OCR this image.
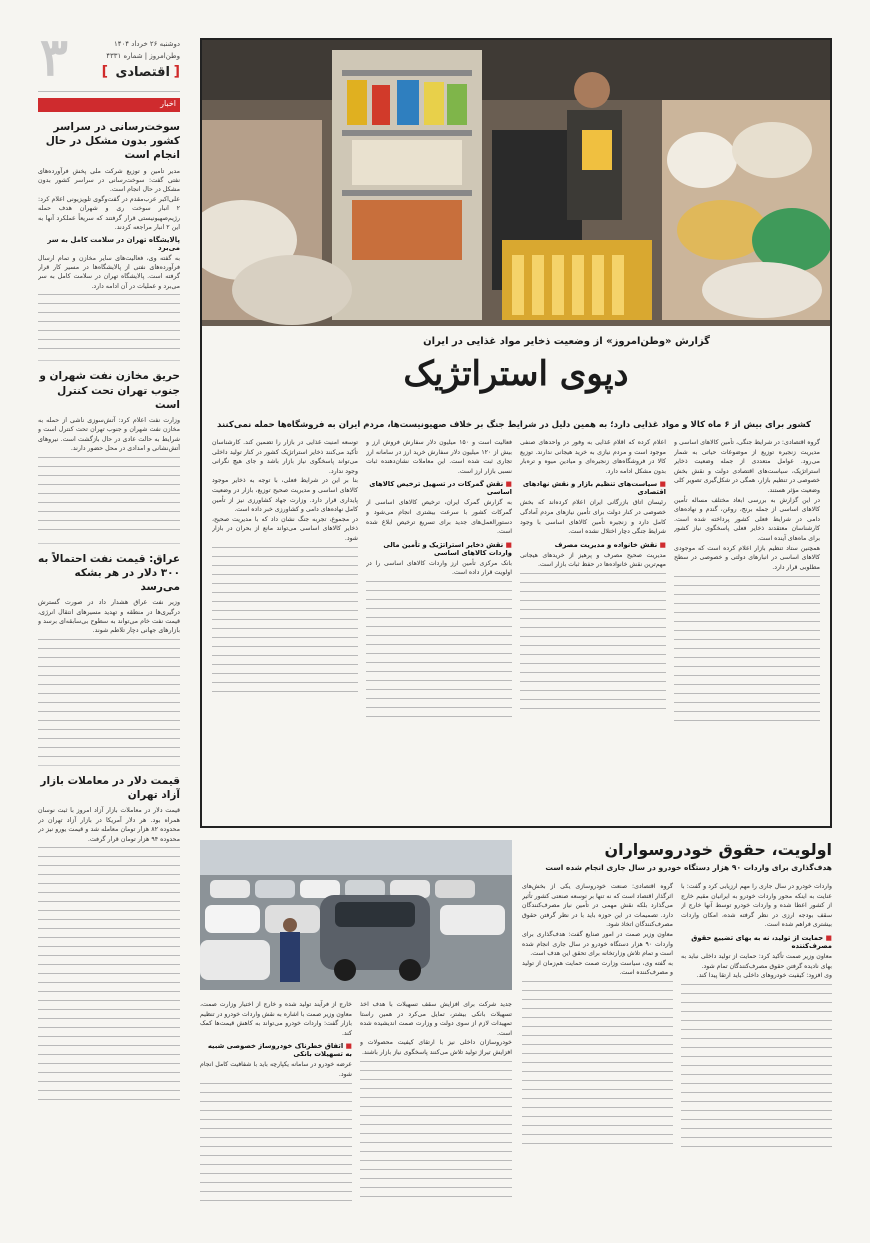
۳	دوشنبه ۲۶ خرداد ۱۴۰۴
وطن‌امروز | شماره ۴۳۳۱
[
اقتصادی
]
اخبار
سوخت‌رسانی در سراسر کشور بدون مشکل در حال انجام است

مدیر تامین و توزیع شرکت ملی پخش فرآورده‌های نفتی گفت: سوخت‌رسانی در سراسر کشور بدون مشکل در حال انجام است.

علی‌اکبر عرب‌مقدم در گفت‌وگوی تلویزیونی اعلام کرد: ۲ انبار سوخت ری و شهران هدف حمله رژیم‌صهیونیستی قرار گرفتند که سریعاً عملکرد آنها به این ۲ انبار مراجعه کردند.

پالایشگاه تهران در سلامت کامل به سر می‌برد

به گفته وی، فعالیت‌های سایر مخازن و تمام ارسال فرآورده‌های نفتی از پالایشگاه‌ها در مسیر کار قرار گرفته است. پالایشگاه تهران در سلامت کامل به سر می‌برد و عملیات در آن ادامه دارد.

حریق مخازن نفت شهران و جنوب تهران تحت کنترل است

وزارت نفت اعلام کرد: آتش‌سوزی ناشی از حمله به مخازن نفت شهران و جنوب تهران تحت کنترل است و شرایط به حالت عادی در حال بازگشت است. نیروهای آتش‌نشانی و امدادی در محل حضور دارند.

عراق: قیمت نفت احتمالاً به ۳۰۰ دلار در هر بشکه می‌رسد

وزیر نفت عراق هشدار داد در صورت گسترش درگیری‌ها در منطقه و تهدید مسیرهای انتقال انرژی، قیمت نفت خام می‌تواند به سطوح بی‌سابقه‌ای برسد و بازارهای جهانی دچار تلاطم شوند.

قیمت دلار در معاملات بازار آزاد تهران

قیمت دلار در معاملات بازار آزاد امروز با ثبت نوسان همراه بود. هر دلار آمریکا در بازار آزاد تهران در محدوده ۸۲ هزار تومان معامله شد و قیمت یورو نیز در محدوده ۹۴ هزار تومان قرار گرفت.

گزارش «وطن‌امروز» از وضعیت ذخایر مواد غذایی در ایران
دپوی استراتژیک

کشور برای بیش از ۶ ماه کالا و مواد غذایی دارد؛ به همین دلیل در شرایط جنگ بر خلاف صهیونیست‌ها، مردم ایران به فروشگاه‌ها حمله نمی‌کنند

گروه اقتصادی: در شرایط جنگی، تأمین کالاهای اساسی و مدیریت زنجیره توزیع از موضوعات حیاتی به شمار می‌رود. عوامل متعددی از جمله وضعیت ذخایر استراتژیک، سیاست‌های اقتصادی دولت و نقش بخش خصوصی در تنظیم بازار، همگی در شکل‌گیری تصویر کلی وضعیت مؤثر هستند.

در این گزارش به بررسی ابعاد مختلف مساله تأمین کالاهای اساسی از جمله برنج، روغن، گندم و نهاده‌های دامی در شرایط فعلی کشور پرداخته شده است. کارشناسان معتقدند ذخایر فعلی پاسخگوی نیاز کشور برای ماه‌های آینده است.

همچنین ستاد تنظیم بازار اعلام کرده است که موجودی کالاهای اساسی در انبارهای دولتی و خصوصی در سطح مطلوبی قرار دارد.

اعلام کرده که اقلام غذایی به وفور در واحدهای صنفی موجود است و مردم نیازی به خرید هیجانی ندارند. توزیع کالا در فروشگاه‌های زنجیره‌ای و میادین میوه و تره‌بار بدون مشکل ادامه دارد.

■ سیاست‌های تنظیم بازار و نقش نهادهای اقتصادی

رئیسان اتاق بازرگانی ایران اعلام کرده‌اند که بخش خصوصی در کنار دولت برای تأمین نیازهای مردم آمادگی کامل دارد و زنجیره تأمین کالاهای اساسی با وجود شرایط جنگی دچار اختلال نشده است.

■ نقش خانواده و مدیریت مصرف

مدیریت صحیح مصرف و پرهیز از خریدهای هیجانی مهم‌ترین نقش خانواده‌ها در حفظ ثبات بازار است.

فعالیت است و ۱۵۰ میلیون دلار سفارش فروش ارز و بیش از ۱۲۰ میلیون دلار سفارش خرید ارز در سامانه ارز تجاری ثبت شده است. این معاملات نشان‌دهنده ثبات نسبی بازار ارز است.

■ نقش گمرکات در تسهیل ترخیص کالاهای اساسی

به گزارش گمرک ایران، ترخیص کالاهای اساسی از گمرکات کشور با سرعت بیشتری انجام می‌شود و دستورالعمل‌های جدید برای تسریع ترخیص ابلاغ شده است.

■ نقش ذخایر استراتژیک و تأمین مالی واردات کالاهای اساسی

بانک مرکزی تأمین ارز واردات کالاهای اساسی را در اولویت قرار داده است.

توسعه امنیت غذایی در بازار را تضمین کند. کارشناسان تأکید می‌کنند ذخایر استراتژیک کشور در کنار تولید داخلی می‌تواند پاسخگوی نیاز بازار باشد و جای هیچ نگرانی وجود ندارد.

بنا بر این در شرایط فعلی، با توجه به ذخایر موجود کالاهای اساسی و مدیریت صحیح توزیع، بازار در وضعیت پایداری قرار دارد. وزارت جهاد کشاورزی نیز از تأمین کامل نهاده‌های دامی و کشاورزی خبر داده است.

در مجموع، تجربه جنگ نشان داد که با مدیریت صحیح، ذخایر کالاهای اساسی می‌تواند مانع از بحران در بازار شود.

جدید شرکت برای افزایش سقف تسهیلات با هدف اخذ تسهیلات بانکی بیشتر، تمایل می‌کرد در همین راستا تمهیدات لازم از سوی دولت و وزارت صمت اندیشیده شده است.

خودروسازان داخلی نیز با ارتقای کیفیت محصولات و افزایش تیراژ تولید تلاش می‌کنند پاسخگوی نیاز بازار باشند.

خارج از فرآیند تولید شده و خارج از اختیار وزارت صمت، معاون وزیر صمت با اشاره به نقش واردات خودرو در تنظیم بازار گفت: واردات خودرو می‌تواند به کاهش قیمت‌ها کمک کند.

■ اتفاق خطرناک خودروساز خصوصی شبیه به تسهیلات بانکی

عرضه خودرو در سامانه یکپارچه باید با شفافیت کامل انجام شود.

اولویت، حقوق خودروسواران

هدف‌گذاری برای واردات ۹۰ هزار دستگاه خودرو در سال جاری انجام شده است

واردات خودرو در سال جاری را مهم ارزیابی کرد و گفت: با عنایت به اینکه محور واردات خودرو به ایرانیان مقیم خارج از کشور اعطا شده و واردات خودرو توسط آنها خارج از سقف بودجه ارزی در نظر گرفته شده، امکان واردات بیشتری فراهم شده است.

■ حمایت از تولید، نه به بهای تضییع حقوق مصرف‌کننده

معاون وزیر صمت تأکید کرد: حمایت از تولید داخلی نباید به بهای نادیده گرفتن حقوق مصرف‌کنندگان تمام شود.

وی افزود: کیفیت خودروهای داخلی باید ارتقا پیدا کند.

گروه اقتصادی: صنعت خودروسازی یکی از بخش‌های اثرگذار اقتصاد است که نه تنها بر توسعه صنعتی کشور تأثیر می‌گذارد بلکه نقش مهمی در تأمین نیاز مصرف‌کنندگان دارد. تصمیمات در این حوزه باید با در نظر گرفتن حقوق مصرف‌کنندگان اتخاذ شود.

معاون وزیر صمت در امور صنایع گفت: هدف‌گذاری برای واردات ۹۰ هزار دستگاه خودرو در سال جاری انجام شده است و تمام تلاش وزارتخانه برای تحقق این هدف است.

به گفته وی، سیاست وزارت صمت حمایت هم‌زمان از تولید و مصرف‌کننده است.
